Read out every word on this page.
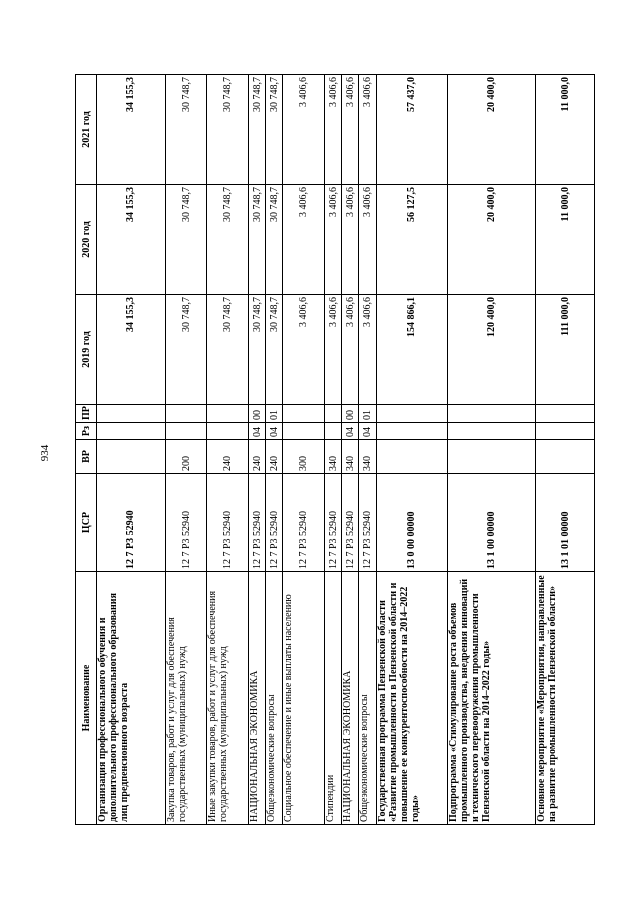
934
Наименование	ЦСР	ВР	Рз	ПР	2019 год	2020 год	2021 год
Организация профессионального обучения и дополнительного профессионального образования лиц предпенсионного возраста	12 7 P3 52940				34 155,3	34 155,3	34 155,3
Закупка товаров, работ и услуг для обеспечения государственных (муниципальных) нужд	12 7 P3 52940	200			30 748,7	30 748,7	30 748,7
Иные закупки товаров, работ и услуг для обеспечения государственных (муниципальных) нужд	12 7 P3 52940	240			30 748,7	30 748,7	30 748,7
НАЦИОНАЛЬНАЯ ЭКОНОМИКА	12 7 P3 52940	240	04	00	30 748,7	30 748,7	30 748,7
Общеэкономические вопросы	12 7 P3 52940	240	04	01	30 748,7	30 748,7	30 748,7
Социальное обеспечение и иные выплаты населению	12 7 P3 52940	300			3 406,6	3 406,6	3 406,6
Стипендии	12 7 P3 52940	340			3 406,6	3 406,6	3 406,6
НАЦИОНАЛЬНАЯ ЭКОНОМИКА	12 7 P3 52940	340	04	00	3 406,6	3 406,6	3 406,6
Общеэкономические вопросы	12 7 P3 52940	340	04	01	3 406,6	3 406,6	3 406,6
Государственная программа Пензенской области «Развитие промышленности в Пензенской области и повышение ее конкурентоспособности на 2014–2022 годы»	13 0 00 00000				154 866,1	56 127,5	57 437,0
Подпрограмма «Стимулирование роста объемов промышленного производства, внедрения инноваций и технического перевооружения промышленности Пензенской области на 2014–2022 годы»	13 1 00 00000				120 400,0	20 400,0	20 400,0
Основное мероприятие «Мероприятия, направленные на развитие промышленности Пензенской области»	13 1 01 00000				111 000,0	11 000,0	11 000,0
